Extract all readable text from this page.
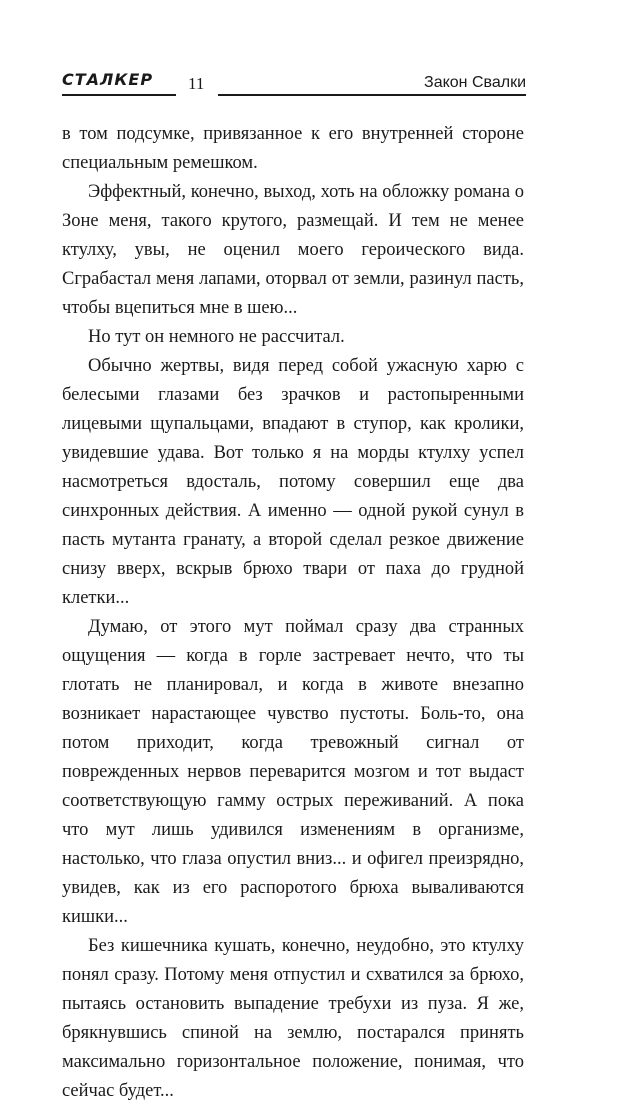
СТАЛКЕР 11	Закон Свалки

в том подсумке, привязанное к его внутренней стороне специальным ремешком.

Эффектный, конечно, выход, хоть на обложку романа о Зоне меня, такого крутого, размещай. И тем не менее ктулху, увы, не оценил моего героического вида. Сграбастал меня лапами, оторвал от земли, разинул пасть, чтобы вцепиться мне в шею...

Но тут он немного не рассчитал.

Обычно жертвы, видя перед собой ужасную харю с белесыми глазами без зрачков и растопыренными лицевыми щупальцами, впадают в ступор, как кролики, увидевшие удава. Вот только я на морды ктулху успел насмотреться вдосталь, потому совершил еще два синхронных действия. А именно — одной рукой сунул в пасть мутанта гранату, а второй сделал резкое движение снизу вверх, вскрыв брюхо твари от паха до грудной клетки...

Думаю, от этого мут поймал сразу два странных ощущения — когда в горле застревает нечто, что ты глотать не планировал, и когда в животе внезапно возникает нарастающее чувство пустоты. Боль-то, она потом приходит, когда тревожный сигнал от поврежденных нервов переварится мозгом и тот выдаст соответствующую гамму острых переживаний. А пока что мут лишь удивился изменениям в организме, настолько, что глаза опустил вниз... и офигел преизрядно, увидев, как из его распоротого брюха вываливаются кишки...

Без кишечника кушать, конечно, неудобно, это ктулху понял сразу. Потому меня отпустил и схватился за брюхо, пытаясь остановить выпадение требухи из пуза. Я же, брякнувшись спиной на землю, постарался принять максимально горизонтальное положение, понимая, что сейчас будет...
